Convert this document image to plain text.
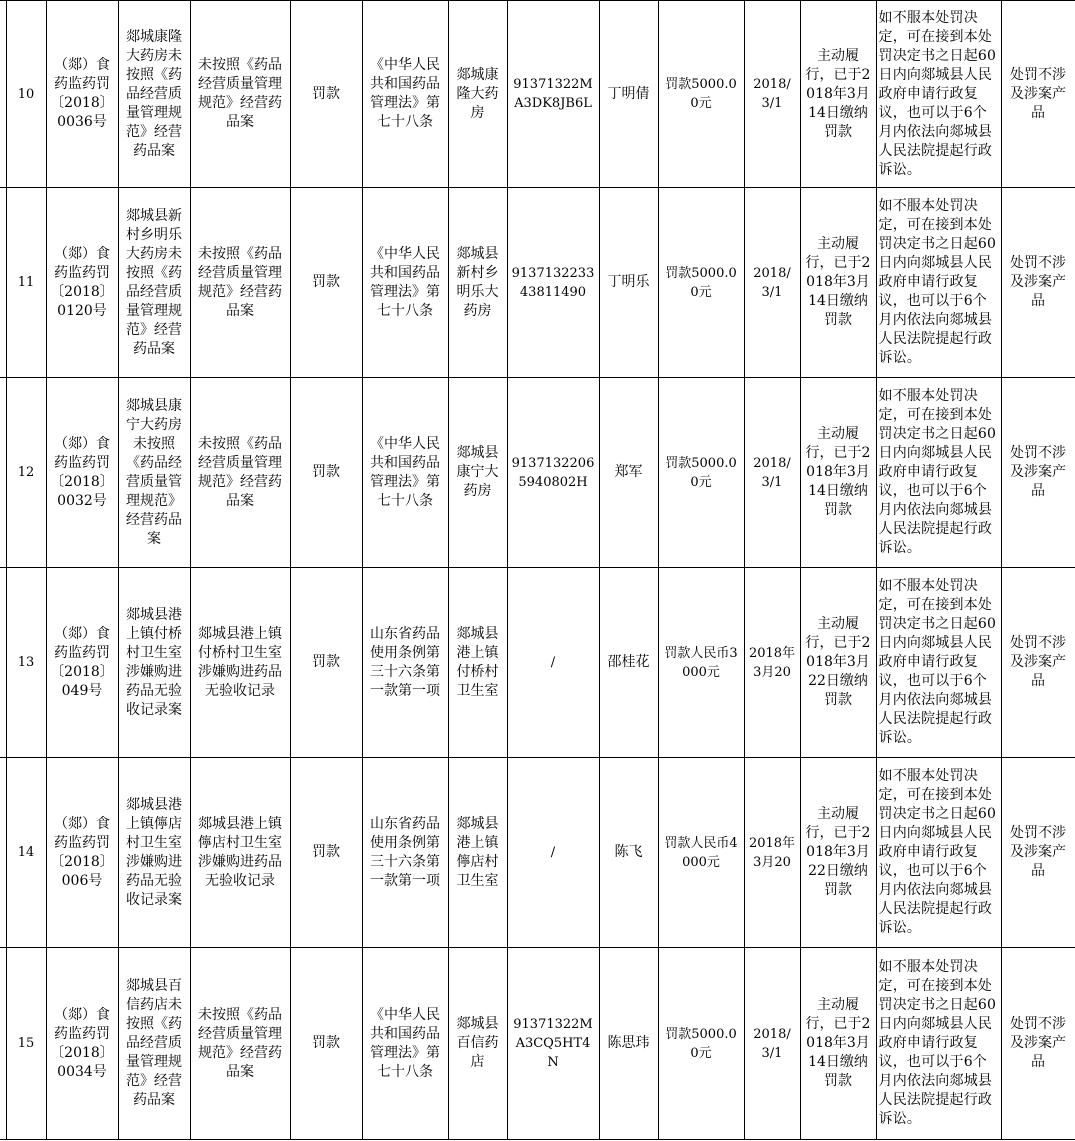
	10	（郯）食药监药罚〔2018〕0036号	郯城康隆大药房未按照《药品经营质量管理规范》经营药品案	未按照《药品经营质量管理规范》经营药品案	罚款	《中华人民共和国药品管理法》第七十八条	郯城康隆大药房	91371322MA3DK8JB6L	丁明倩	罚款5000.00元	2018/3/1	主动履行，已于2018年3月14日缴纳罚款	如不服本处罚决定，可在接到本处罚决定书之日起60日内向郯城县人民政府申请行政复议，也可以于6个月内依法向郯城县人民法院提起行政诉讼。	处罚不涉及涉案产品
	11	（郯）食药监药罚〔2018〕0120号	郯城县新村乡明乐大药房未按照《药品经营质量管理规范》经营药品案	未按照《药品经营质量管理规范》经营药品案	罚款	《中华人民共和国药品管理法》第七十八条	郯城县新村乡明乐大药房	913713223343811490	丁明乐	罚款5000.00元	2018/3/1	主动履行，已于2018年3月14日缴纳罚款	如不服本处罚决定，可在接到本处罚决定书之日起60日内向郯城县人民政府申请行政复议，也可以于6个月内依法向郯城县人民法院提起行政诉讼。	处罚不涉及涉案产品
	12	（郯）食药监药罚〔2018〕0032号	郯城县康宁大药房未按照《药品经营质量管理规范》经营药品案	未按照《药品经营质量管理规范》经营药品案	罚款	《中华人民共和国药品管理法》第七十八条	郯城县康宁大药房	91371322065940802H	郑军	罚款5000.00元	2018/3/1	主动履行，已于2018年3月14日缴纳罚款	如不服本处罚决定，可在接到本处罚决定书之日起60日内向郯城县人民政府申请行政复议，也可以于6个月内依法向郯城县人民法院提起行政诉讼。	处罚不涉及涉案产品
	13	（郯）食药监药罚〔2018〕049号	郯城县港上镇付桥村卫生室涉嫌购进药品无验收记录案	郯城县港上镇付桥村卫生室涉嫌购进药品无验收记录	罚款	山东省药品使用条例第三十六条第一款第一项	郯城县港上镇付桥村卫生室	/	邵桂花	罚款人民币3000元	2018年3月20	主动履行，已于2018年3月22日缴纳罚款	如不服本处罚决定，可在接到本处罚决定书之日起60日内向郯城县人民政府申请行政复议，也可以于6个月内依法向郯城县人民法院提起行政诉讼。	处罚不涉及涉案产品
	14	（郯）食药监药罚〔2018〕006号	郯城县港上镇儜店村卫生室涉嫌购进药品无验收记录案	郯城县港上镇儜店村卫生室涉嫌购进药品无验收记录	罚款	山东省药品使用条例第三十六条第一款第一项	郯城县港上镇儜店村卫生室	/	陈飞	罚款人民币4000元	2018年3月20	主动履行，已于2018年3月22日缴纳罚款	如不服本处罚决定，可在接到本处罚决定书之日起60日内向郯城县人民政府申请行政复议，也可以于6个月内依法向郯城县人民法院提起行政诉讼。	处罚不涉及涉案产品
	15	（郯）食药监药罚〔2018〕0034号	郯城县百信药店未按照《药品经营质量管理规范》经营药品案	未按照《药品经营质量管理规范》经营药品案	罚款	《中华人民共和国药品管理法》第七十八条	郯城县百信药店	91371322MA3CQ5HT4N	陈思玮	罚款5000.00元	2018/3/1	主动履行，已于2018年3月14日缴纳罚款	如不服本处罚决定，可在接到本处罚决定书之日起60日内向郯城县人民政府申请行政复议，也可以于6个月内依法向郯城县人民法院提起行政诉讼。	处罚不涉及涉案产品
